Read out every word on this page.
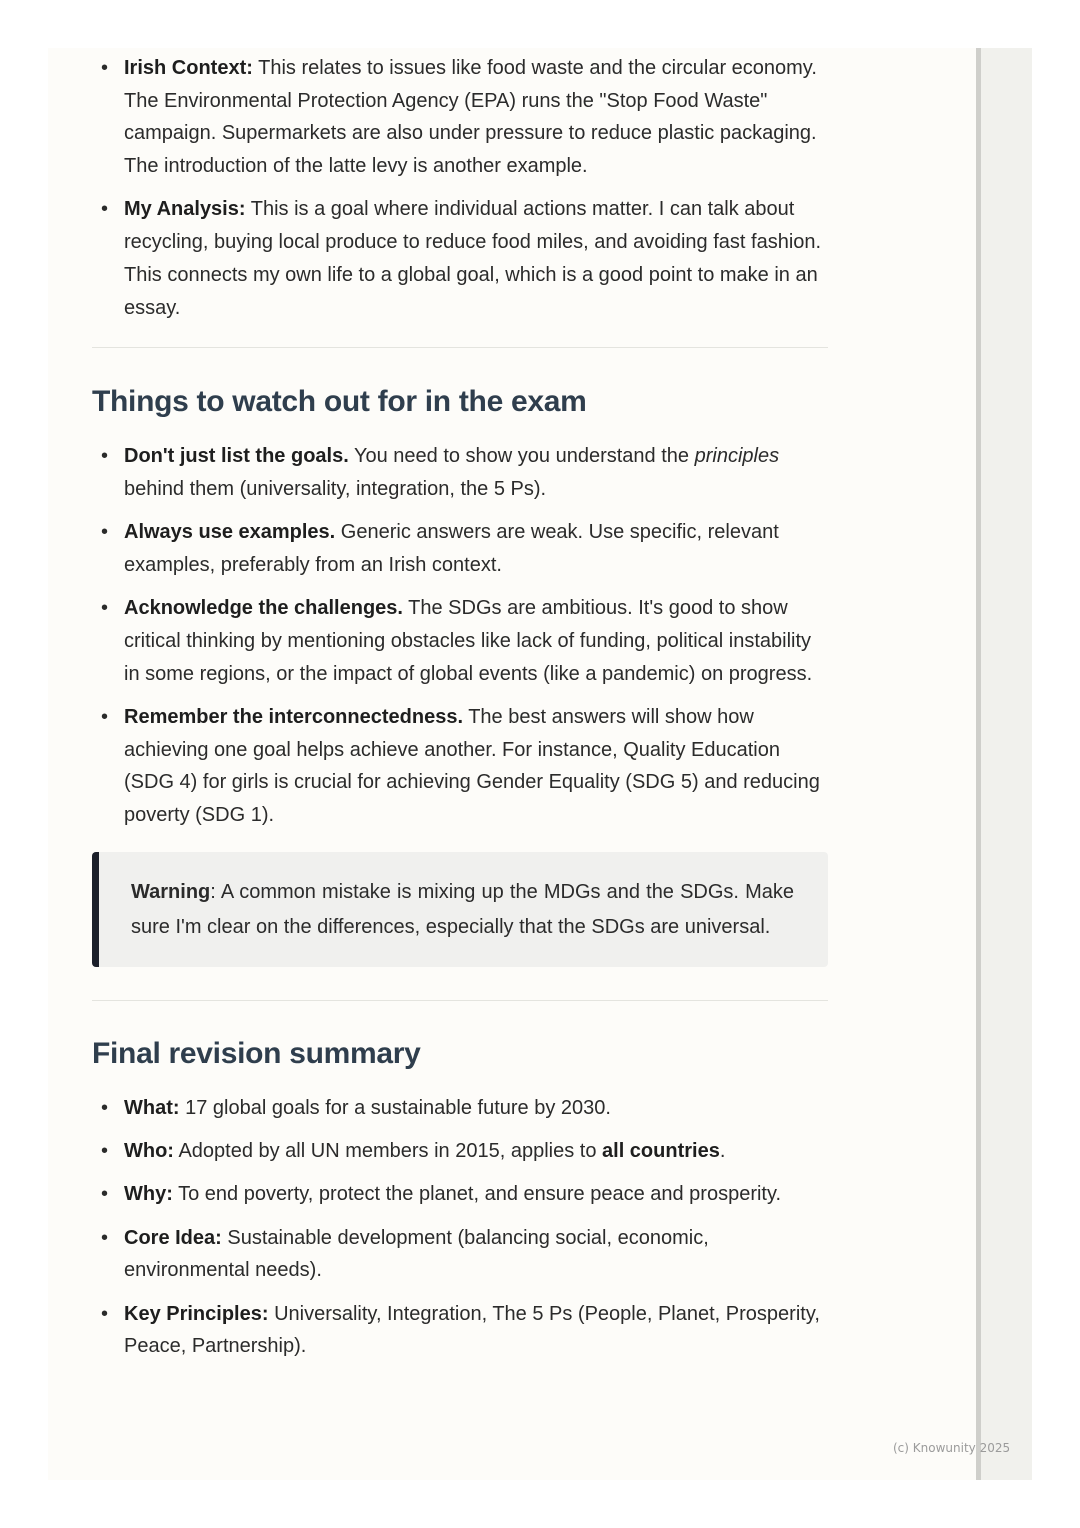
• Irish Context: This relates to issues like food waste and the circular economy. The Environmental Protection Agency (EPA) runs the "Stop Food Waste" campaign. Supermarkets are also under pressure to reduce plastic packaging. The introduction of the latte levy is another example.
• My Analysis: This is a goal where individual actions matter. I can talk about recycling, buying local produce to reduce food miles, and avoiding fast fashion. This connects my own life to a global goal, which is a good point to make in an essay.
Things to watch out for in the exam
• Don't just list the goals. You need to show you understand the principles behind them (universality, integration, the 5 Ps).
• Always use examples. Generic answers are weak. Use specific, relevant examples, preferably from an Irish context.
• Acknowledge the challenges. The SDGs are ambitious. It's good to show critical thinking by mentioning obstacles like lack of funding, political instability in some regions, or the impact of global events (like a pandemic) on progress.
• Remember the interconnectedness. The best answers will show how achieving one goal helps achieve another. For instance, Quality Education (SDG 4) for girls is crucial for achieving Gender Equality (SDG 5) and reducing poverty (SDG 1).
Warning: A common mistake is mixing up the MDGs and the SDGs. Make sure I'm clear on the differences, especially that the SDGs are universal.
Final revision summary
• What: 17 global goals for a sustainable future by 2030.
• Who: Adopted by all UN members in 2015, applies to all countries.
• Why: To end poverty, protect the planet, and ensure peace and prosperity.
• Core Idea: Sustainable development (balancing social, economic, environmental needs).
• Key Principles: Universality, Integration, The 5 Ps (People, Planet, Prosperity, Peace, Partnership).
(c) Knowunity 2025
